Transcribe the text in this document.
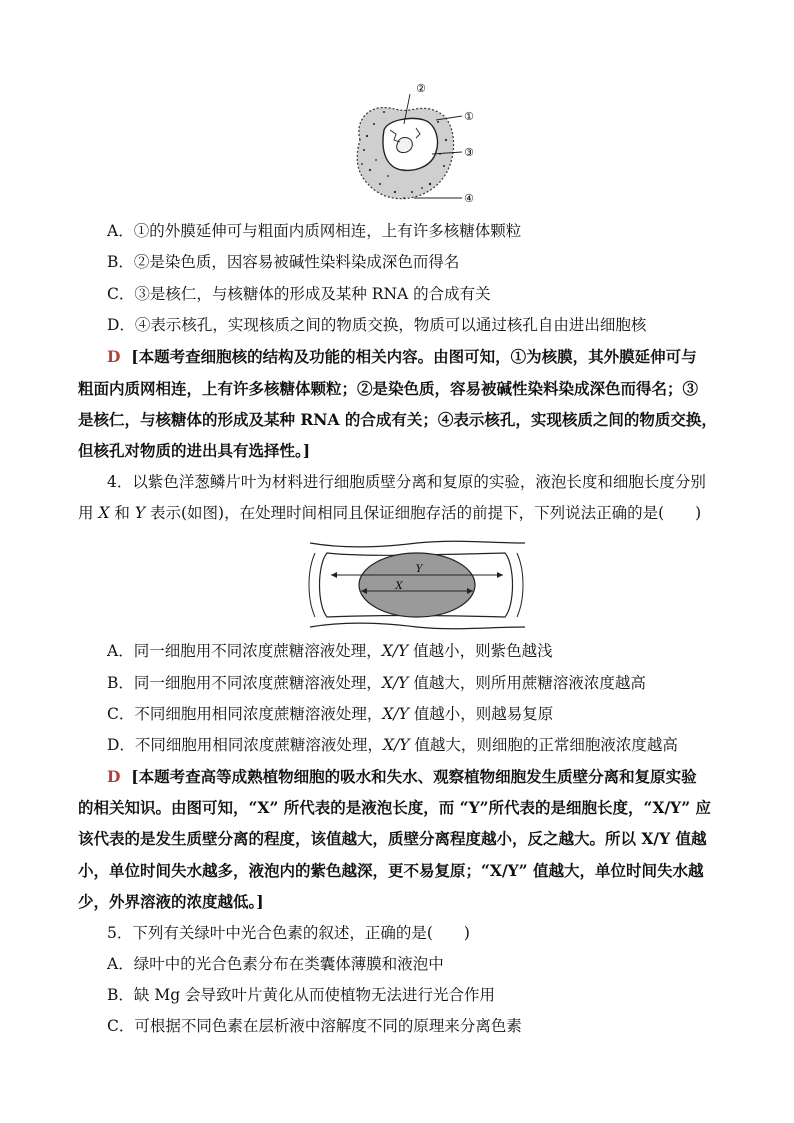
②
①
③
④
A．①的外膜延伸可与粗面内质网相连，上有许多核糖体颗粒
B．②是染色质，因容易被碱性染料染成深色而得名
C．③是核仁，与核糖体的形成及某种 RNA 的合成有关
D．④表示核孔，实现核质之间的物质交换，物质可以通过核孔自由进出细胞核
D [本题考查细胞核的结构及功能的相关内容。由图可知，①为核膜，其外膜延伸可与
粗面内质网相连，上有许多核糖体颗粒；②是染色质，容易被碱性染料染成深色而得名；③
是核仁，与核糖体的形成及某种 RNA 的合成有关；④表示核孔，实现核质之间的物质交换，
但核孔对物质的进出具有选择性。]
4．以紫色洋葱鳞片叶为材料进行细胞质壁分离和复原的实验，液泡长度和细胞长度分别
用 X 和 Y 表示(如图)，在处理时间相同且保证细胞存活的前提下，下列说法正确的是(　　)
Y
X
A．同一细胞用不同浓度蔗糖溶液处理，X/Y 值越小，则紫色越浅
B．同一细胞用不同浓度蔗糖溶液处理，X/Y 值越大，则所用蔗糖溶液浓度越高
C．不同细胞用相同浓度蔗糖溶液处理，X/Y 值越小，则越易复原
D．不同细胞用相同浓度蔗糖溶液处理，X/Y 值越大，则细胞的正常细胞液浓度越高
D [本题考查高等成熟植物细胞的吸水和失水、观察植物细胞发生质壁分离和复原实验
的相关知识。由图可知，“X” 所代表的是液泡长度，而 “Y”所代表的是细胞长度，“X/Y” 应
该代表的是发生质壁分离的程度，该值越大，质壁分离程度越小，反之越大。所以 X/Y 值越
小，单位时间失水越多，液泡内的紫色越深，更不易复原；“X/Y” 值越大，单位时间失水越
少，外界溶液的浓度越低。]
5．下列有关绿叶中光合色素的叙述，正确的是(　　)
A．绿叶中的光合色素分布在类囊体薄膜和液泡中
B．缺 Mg 会导致叶片黄化从而使植物无法进行光合作用
C．可根据不同色素在层析液中溶解度不同的原理来分离色素
